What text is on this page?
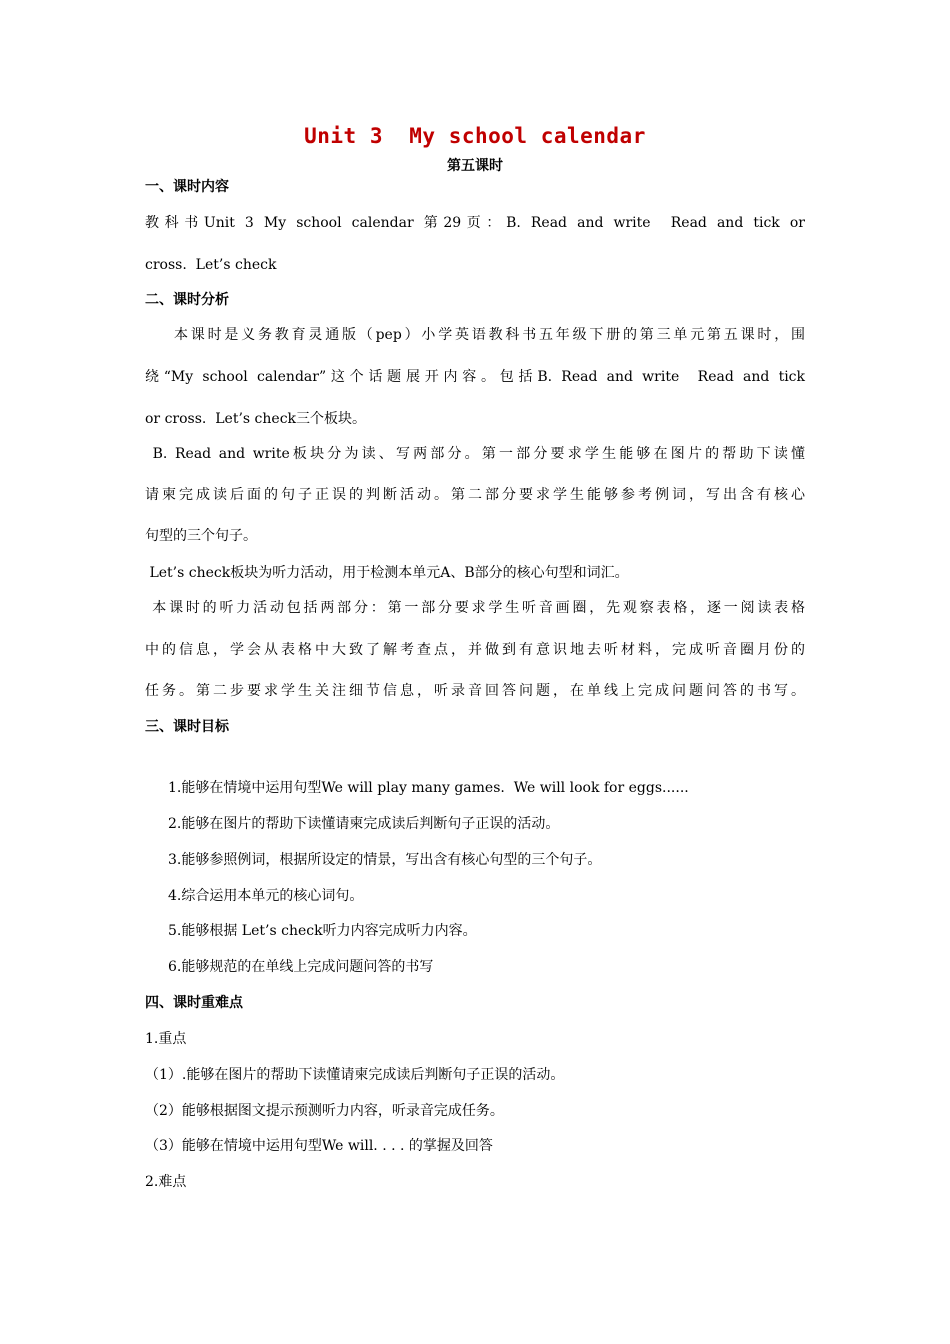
Unit 3  My school calendar
第五课时
一、课时内容
教科书Unit 3 My school calendar 第29页：B. Read and write  Read and tick or
cross.  Let’s check
二、课时分析
本课时是义务教育灵通版（pep）小学英语教科书五年级下册的第三单元第五课时，围
绕“My school calendar”这个话题展开内容。包括B. Read and write  Read and tick
or cross.  Let’s check三个板块。
B. Read and write板块分为读、写两部分。第一部分要求学生能够在图片的帮助下读懂
请柬完成读后面的句子正误的判断活动。第二部分要求学生能够参考例词，写出含有核心
句型的三个句子。
Let’s check板块为听力活动，用于检测本单元A、B部分的核心句型和词汇。
本课时的听力活动包括两部分：第一部分要求学生听音画圈，先观察表格，逐一阅读表格
中的信息，学会从表格中大致了解考查点，并做到有意识地去听材料，完成听音圈月份的
任务。第二步要求学生关注细节信息，听录音回答问题，在单线上完成问题问答的书写。
三、课时目标
1.能够在情境中运用句型We will play many games.  We will look for eggs......
2.能够在图片的帮助下读懂请柬完成读后判断句子正误的活动。
3.能够参照例词，根据所设定的情景，写出含有核心句型的三个句子。
4.综合运用本单元的核心词句。
5.能够根据 Let’s check听力内容完成听力内容。
6.能够规范的在单线上完成问题问答的书写
四、课时重难点
1.重点
（1）.能够在图片的帮助下读懂请柬完成读后判断句子正误的活动。
（2）能够根据图文提示预测听力内容，听录音完成任务。
（3）能够在情境中运用句型We will. . . . 的掌握及回答
2.难点
